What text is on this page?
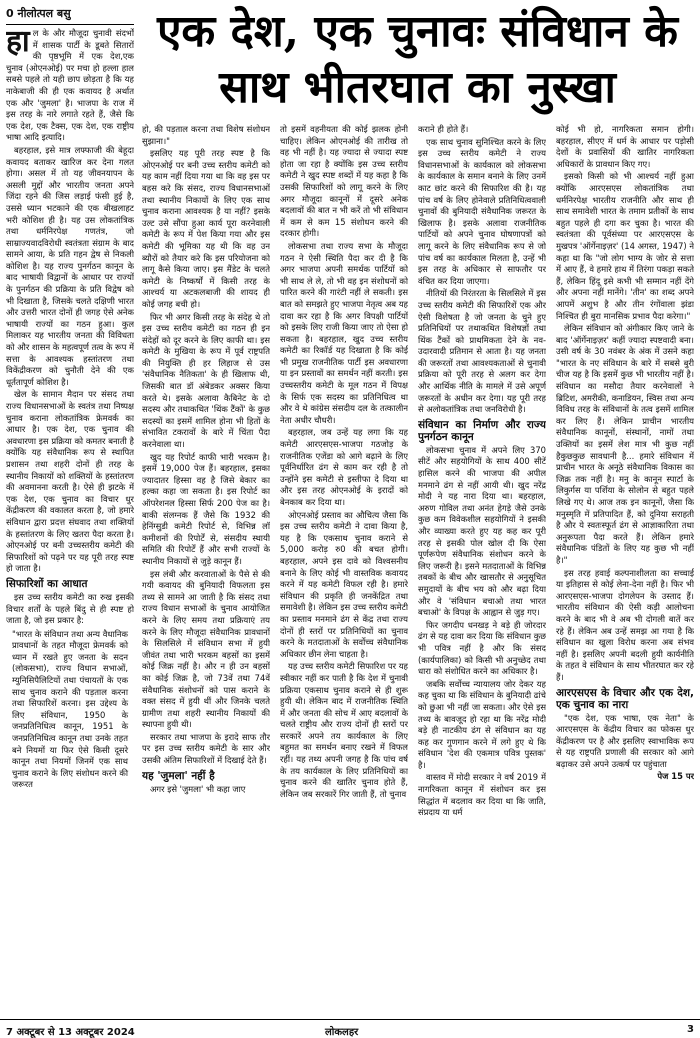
0 नीलोत्पल बसु	एक देश, एक चुनावः संविधान के साथ भीतरघात का नुस्खा

हाल के और मौजूदा चुनावी संदर्भों में शासक पार्टी के डूबते सितारों की पृष्ठभूमि में एक देश,एक चुनाव (ओएनओई) पर मचा हो हल्ला हाल सबसे पहले तो यही छाप छोड़ता है कि यह नाकेबाजी की ही एक कवायद है अर्थात एक और 'जुमला' है। भाजपा के राज में इस तरह के नारे लगाते रहते हैं, जैसे कि एक देश, एक टैक्स, एक देश, एक राष्ट्रीय भाषा आदि इत्यादि।

बहरहाल, इसे मात्र लफ्फाजी की बेहूदा कवायद बताकर खारिज कर देना गलत होगा। असल में तो यह जीवनयापन के असली मुद्दों और भारतीय जनता अपने जिंदा रहने की जिस लड़ाई फंसी हुई है, उससे ध्यान भटकाने की एक बीखलाहट भरी कोशिश ही है। यह उस लोकतांत्रिक तथा धर्मनिरपेक्ष गणतंत्र, जो साम्राज्यवादविरोधी स्वतंत्रता संग्राम के बाद सामने आया, के प्रति गहन द्वेष से निकली कोशिश है। यह राज्य पुनर्गठन कानून के बाद भाषायी विद्वानों के आधार पर राज्यों के पुनर्गठन की प्रक्रिया के प्रति विद्वेष को भी दिखाता है, जिसके चलते दक्षिणी भारत और उत्तरी भारत दोनों ही जगह ऐसे अनेक भाषायी राज्यों का गठन हुआ। कुल मिलाकर यह भारतीय जनता की विविधता को और शासन के महत्वपूर्ण तत्व के रूप में सत्ता के आवश्यक हस्तांतरण तथा विकेंद्रीकरण को चुनौती देने की एक धूर्ततापूर्ण कोशिश है।

खेल के सामान मैदान पर संसद तथा राज्य विधानसभाओं के स्वतंत्र तथा निष्पक्ष चुनाव कराना लोकतांत्रिक फ्रेमवर्क का आधार है। एक देश, एक चुनाव की अवधारणा इस प्रक्रिया को कमतर बनाती है क्योंकि यह संवैधानिक रूप से स्थापित प्रशासन तथा शहरी दोनों ही तरह के स्थानीय निकायों को शक्तियों के हस्तांतरण की अवमानना करती है। ऐसे ही झटके में एक देश, एक चुनाव का विचार धुर केंद्रीकरण की वकालत करता है, जो हमारे संविधान द्वारा प्रदत्त संघवाद तथा शक्तियों के हस्तांतरण के लिए खतरा पैदा करता है। ओएनओई पर बनी उच्चस्तरीय कमेटी की सिफारिशों को पढ़ने पर यह पूरी तरह स्पष्ट हो जाता है।

सिफारिशों का आधात

इस उच्च स्तरीय कमेटी का रुख इसकी विचार शर्तों के पहले बिंदु से ही स्पष्ट हो जाता है, जो इस प्रकार है:

"भारत के संविधान तथा अन्य वैधानिक प्रावधानों के तहत मौजूदा फ्रेमवर्क को ध्यान में रखते हुए जनता के सदन (लोकसभा), राज्य विधान सभाओं, म्युनिसिपैलिटियों तथा पंचायतों के एक साथ चुनाव कराने की पड़ताल करना तथा सिफारिशें करना। इस उद्देश्य के लिए संविधान, 1950 के जनप्रतिनिधित्व कानून, 1951 के जनप्रतिनिधित्व कानून तथा उनके तहत बने नियमों या फिर ऐसे किसी दूसरे कानून तथा नियमों जिनमें एक साथ चुनाव कराने के लिए संशोधन करने की जरूरत

हो, की पड़ताल करना तथा विशेष संशोधन सुझाना।"

इसलिए यह पूरी तरह स्पष्ट है कि ओएनओई पर बनी उच्च स्तरीय कमेटी को यह काम नहीं दिया गया था कि वह इस पर बहस करे कि संसद, राज्य विधानसभाओं तथा स्थानीय निकायों के लिए एक साथ चुनाव कराना आवश्यक है या नहीं? इसके उल्ट उसे सौंपा हुआ कार्य पूरा करनेवाली कमेटी के रूप में पेश किया गया और इस कमेटी की भूमिका यह थी कि वह उन ब्यौरों को तैयार करे कि इस परियोजना को लागू कैसे किया जाए। इस मैंडेट के चलते कमेटी के निष्कर्षों में किसी तरह के आश्चर्य या अटकलबाजी की शायद ही कोई जगह बची हो।

फिर भी अगर किसी तरह के संदेह थे तो इस उच्च स्तरीय कमेटी का गठन ही इन संदेहों को दूर करने के लिए काफी था। इस कमेटी के मुखिया के रूप में पूर्व राष्ट्रपति की नियुक्ति ही हर लिहाज से उस 'संवैधानिक नैतिकता' के ही खिलाफ थी, जिसकी बात डॉ अंबेडकर अक्सर किया करते थे। इसके अलावा कैबिनेट के दो सदस्य और तथाकथित 'थिंक टैंकों' के कुछ सदस्यों का इसमें शामिल होना भी हितों के संभावित टकरावों के बारे में चिंता पैदा करनेवाला था।

खुद यह रिपोर्ट काफी भारी भरकम है। इसमें 19,000 पेज हैं। बहरहाल, इसका ज्यादातर हिस्सा वह है जिसे बेकार का हल्का कहा जा सकता है। इस रिपोर्ट का ऑपरेशनल हिस्सा सिर्फ 200 पेज का है। बाकी संलग्नक हैं जैसे कि 1932 की हेनिंग्सुडी कमेटी रिपोर्ट से, विभिन्न लॉ कमीशनों की रिपोर्टें से, संसदीय स्थायी समिति की रिपोर्टें हैं और सभी राज्यों के स्थानीय निकायों से जुड़े कानून हैं।

इस लंबी और करवाताओं के पैसे से की गयी कवायद की बुनियादी विफलता इस तथ्य से सामने आ जाती है कि संसद तथा राज्य विधान सभाओं के चुनाव आयोजित करने के लिए समय तथा प्रक्रियाएं तय करने के लिए मौजूदा संवैधानिक प्रावधानों के सिलसिले में संविधान सभा में हुयी जीवंत तथा भारी भरकम बहसों का इसमें कोई जिक्र नहीं है। और न ही उन बहसों का कोई जिक्र है, जो 73वें तथा 74वें संवैधानिक संशोधनों को पास कराने के वक्त संसद में हुयी थीं और जिनके चलते ग्रामीण तथा शहरी स्थानीय निकायों की स्थापना हुयी थी।

सरकार तथा भाजपा के इरादे साफ तौर पर इस उच्च स्तरीय कमेटी के सार और उसकी अंतिम सिफारिशों में दिखाई देते हैं।

यह 'जुमला' नहीं है

अगर इसे 'जुमला' भी कहा जाए

तो इसमें वहनीयता की कोई झलक होनी चाहिए। लेकिन ओएनओई की तारीख तो वह भी नहीं है। यह ज्यादा से ज्यादा स्पष्ट होता जा रहा है क्योंकि इस उच्च स्तरीय कमेटी ने खुद स्पष्ट शब्दों में यह कहा है कि उसकी सिफारिशों को लागू करने के लिए अगर मौजूदा कानूनों में दूसरे अनेक बदलावों की बात न भी करें तो भी संविधान में कम से कम 15 संशोधन करने की दरकार होगी।

लोकसभा तथा राज्य सभा के मौजूदा गठन ने ऐसी स्थिति पैदा कर दी है कि अगर भाजपा अपनी समर्थक पार्टियों को भी साथ ले ले, तो भी वह इन संशोधनों को पारित करने की गारंटी नहीं ले सकती। इस बात को समझते हुए भाजपा नेतृत्व अब यह दावा कर रहा है कि अगर विपक्षी पार्टियों को इसके लिए राजी किया जाए तो ऐसा हो सकता है। बहरहाल, खुद उच्च स्तरीय कमेटी का रिकॉर्ड यह दिखाता है कि कोई भी प्रमुख राजनीतिक पार्टी इस अवधारणा या इन प्रस्तावों का समर्थन नहीं करती। इस उच्चस्तरीय कमेटी के मूल गठन में विपक्ष के सिर्फ एक सदस्य का प्रतिनिधित्व था और वे थे कांग्रेस संसदीय दल के तत्कालीन नेता अधीर चौधरी।

बहरहाल, जब उन्हें यह लगा कि यह कमेटी आरएसएस-भाजपा गठजोड़ के राजनीतिक एजेंडा को आगे बढ़ाने के लिए पूर्वनिर्धारित ढंग से काम कर रही है तो उन्होंने इस कमेटी से इस्तीफा दे दिया था और इस तरह ओएनओई के इरादों को बेनकाब कर दिया था।

ओएनओई प्रस्ताव का औचित्य जैसा कि इस उच्च स्तरीय कमेटी ने दावा किया है, यह है कि एकसाथ चुनाव कराने से 5,000 करोड़ रु0 की बचत होगी। बहरहाल, अपने इस दावे को विश्वसनीय बनाने के लिए कोई भी वास्तविक कवायद करने में यह कमेटी विफल रही है। हमारे संविधान की प्रकृति ही जनकेंद्रित तथा समावेशी है। लेकिन इस उच्च स्तरीय कमेटी का प्रस्ताव मनमाने ढंग से केंद्र तथा राज्य दोनों ही स्तरों पर प्रतिनिधियों का चुनाव करने के मतदाताओं के सर्वोच्च संवैधानिक अधिकार छीन लेना चाहता है।

यह उच्च स्तरीय कमेटी सिफारिश पर यह स्वीकार नहीं कर पाती है कि देश में चुनावी प्रक्रिया एकसाथ चुनाव कराने से ही शुरू हुयी थी। लेकिन बाद में राजनीतिक स्थिति में और जनता की सोच में आए बदलावों के चलते राष्ट्रीय और राज्य दोनों ही स्तरों पर सरकारें अपने तय कार्यकाल के लिए बहुमत का समर्थन बनाए रखने में विफल रहीं। यह तथ्य अपनी जगह है कि पांच वर्ष के तय कार्यकाल के लिए प्रतिनिधियों का चुनाव करने की खातिर चुनाव होते हैं, लेकिन जब सरकारें गिर जाती हैं, तो चुनाव

कराने ही होते हैं।

एक साथ चुनाव सुनिश्चित करने के लिए इस उच्च स्तरीय कमेटी ने राज्य विधानसभाओं के कार्यकाल को लोकसभा के कार्यकाल के समान बनाने के लिए उनमें काट छांट करने की सिफारिश की है। यह पांच वर्ष के लिए होनेवाले प्रतिनिधित्ववाली चुनावों की बुनियादी संवैधानिक जरूरत के खिलाफ है। इसके अलावा राजनीतिक पार्टियों को अपने चुनाव घोषणापत्रों को लागू करने के लिए संवैधानिक रूप से जो पांच वर्ष का कार्यकाल मिलता है, उन्हें भी इस तरह के अधिकार से साफतौर पर वंचित कर दिया जाएगा।

नीतियों की निरंतरता के सिलसिले में इस उच्च स्तरीय कमेटी की सिफारिशें एक और ऐसी विशेषता है जो जनता के चुने हुए प्रतिनिधियों पर तथाकथित विशेषज्ञों तथा थिंक टैंकों को प्राथमिकता देने के नव-उदारवादी प्रतिमान से आता है। यह जनता की जरूरतों तथा आवश्यकताओं से चुनावी प्रक्रिया को पूरी तरह से अलग कर देगा और आर्थिक नीति के मामले में उसे अपूर्ण जरूरतों के अधीन कर देगा। यह पूरी तरह से अलोकतांत्रिक तथा जनविरोधी है।

संविधान का निर्माण और राज्य पुनर्गठन कानून

लोकसभा चुनाव में अपने लिए 370 सीटें और सहयोगियों के साथ 400 सीटें हासिल करने की भाजपा की अपील मनमाने ढंग से नहीं आयी थी। खुद नरेंद्र मोदी ने यह नारा दिया था। बहरहाल, अरुण गोविल तथा अनंत हेगड़े जैसे उनके कुछ कम विवेकशील सहयोगियों ने इसकी और व्याख्या करते हुए यह कह कर पूरी तरह से इसकी पोल खोल दी कि ऐसा पूर्णरूपेण संवैधानिक संशोधन करने के लिए जरूरी है। इसने मतदाताओं के विभिन्न तबकों के बीच और खासतौर से अनुसूचित समुदायों के बीच भय को और बढ़ा दिया और वे 'संविधान बचाओ तथा भारत बचाओ' के विपक्ष के आह्वान से जुड़ गए।

फिर जगदीप धनखड़ ने बड़े ही जोरदार ढंग से यह दावा कर दिया कि संविधान कुछ भी पवित्र नहीं है और कि संसद (कार्यपालिका) को किसी भी अनुच्छेद तथा धारा को संशोधित करने का अधिकार है।

जबकि सर्वोच्च न्यायालय जोर देकर यह कह चुका था कि संविधान के बुनियादी ढांचे को छुआ भी नहीं जा सकता। और ऐसे इस तथ्य के बावजूद हो रहा था कि नरेंद्र मोदी बड़े ही नाटकीय ढंग से संविधान का यह कह कर गुणगान करने में लगे हुए थे कि संविधान 'देश की एकमात्र पवित्र पुस्तक' है।

वास्तव में मोदी सरकार ने वर्ष 2019 में नागरिकता कानून में संशोधन कर इस सिद्धांत में बदलाव कर दिया था कि जाति, संप्रदाय या धर्म

कोई भी हो, नागरिकता समान होगी। बहरहाल, सीएए में धर्म के आधार पर पड़ोसी देशों के प्रवासियों की खातिर नागरिकता अधिकारों के प्रावधान किए गए।

इसको किसी को भी आश्चर्य नहीं हुआ क्योंकि आरएसएस लोकतांत्रिक तथा धर्मनिरपेक्ष भारतीय राजनीति और साथ ही साथ समावेशी भारत के तमाम प्रतीकों के साथ बहुत पहले ही दगा कर चुका है। भारत की स्वतंत्रता की पूर्वसंध्या पर आरएसएस के मुखपत्र 'ऑर्गेनाइज़र' (14 अगस्त, 1947) ने कहा था कि "जो लोग भाग्य के जोर से सत्ता में आए हैं, वे हमारे हाथ में तिरंगा पकड़ा सकते हैं, लेकिन हिंदू इसे कभी भी सम्मान नहीं देंगे और अपना नहीं मानेंगे। 'तीन' का शब्द अपने आपमें अशुभ है और तीन रंगोंवाला झंडा निश्चित ही बुरा मानसिक प्रभाव पैदा करेगा।"

लेकिन संविधान को अंगीकार किए जाने के बाद 'ऑर्गेनाइज़र' कहीं ज्यादा स्पष्टवादी बना। उसी वर्ष के 30 नवंबर के अंक में उसने कहा "भारत के नए संविधान के बारे में सबसे बुरी चीज यह है कि इसमें कुछ भी भारतीय नहीं है। संविधान का मसौदा तैयार करनेवालों ने ब्रिटिश, अमरीकी, कनाडियन, स्विस तथा अन्य विविध तरह के संविधानों के तत्व इसमें शामिल कर लिए हैं। लेकिन प्राचीन भारतीय संवैधानिक कानूनों, संस्थानों, नामों तथा उक्तियों का इसमें लेश मात्र भी कुछ नहीं हैकुछकुछ सावधानी है... हमारे संविधान में प्राचीन भारत के अनूठे संवैधानिक विकास का जिक्र तक नहीं है। मनु के कानून स्पार्टा के लिकुर्गस या पर्शिया के सोलोन से बहुत पहले लिखे गए थे। आज तक इन कानूनों, जैसा कि मनुस्मृति में प्रतिपादित हैं, को दुनिया सराहती है और ये स्वतःस्फूर्त ढंग से आज्ञाकारिता तथा अनुरूपता पैदा करते हैं। लेकिन हमारे संवैधानिक पंडितों के लिए यह कुछ भी नहीं है।"

इस तरह हवाई कल्पनाशीलता का सच्चाई या इतिहास से कोई लेना-देना नहीं है। फिर भी आरएसएस-भाजपा दोगलेपन के उस्ताद हैं। भारतीय संविधान की ऐसी कड़ी आलोचना करने के बाद भी वे अब भी दोगली बातें कर रहे हैं। लेकिन अब उन्हें समझ आ गया है कि संविधान का खुला विरोध करना अब संभव नहीं है। इसलिए अपनी बदली हुयी कार्यनीति के तहत वे संविधान के साथ भीतरघात कर रहे हैं।

आरएसएस के विचार और एक देश, एक चुनाव का नारा

"एक देश, एक भाषा, एक नेता" के आरएसएस के केंद्रीय विचार का फोकस धुर केंद्रीकरण पर है और इसलिए स्वाभाविक रूप से यह राष्ट्रपति प्रणाली की सरकार को आगे बढ़ाकर उसे अपने उत्कर्ष पर पहुंचाता

पेज 15 पर

7 अक्टूबर से 13 अक्टूबर 2024	लोकलहर	3
